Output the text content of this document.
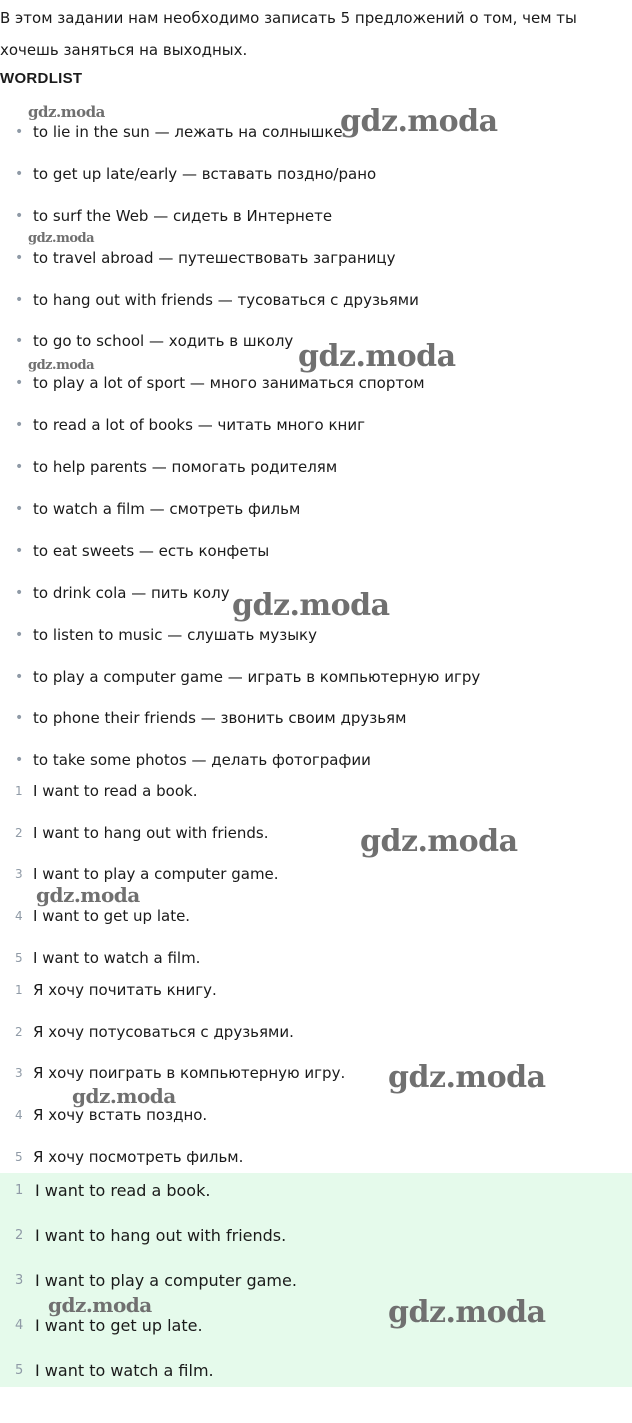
В этом задании нам необходимо записать 5 предложений о том, чем ты хочешь заняться на выходных.
WORDLIST
• to lie in the sun — лежать на солнышке
• to get up late/early — вставать поздно/рано
• to surf the Web — сидеть в Интернете
• to travel abroad — путешествовать заграницу
• to hang out with friends — тусоваться с друзьями
• to go to school — ходить в школу
• to play a lot of sport — много заниматься спортом
• to read a lot of books — читать много книг
• to help parents — помогать родителям
• to watch a film — смотреть фильм
• to eat sweets — есть конфеты
• to drink cola — пить колу
• to listen to music — слушать музыку
• to play a computer game — играть в компьютерную игру
• to phone their friends — звонить своим друзьям
• to take some photos — делать фотографии
1 I want to read a book.
2 I want to hang out with friends.
3 I want to play a computer game.
4 I want to get up late.
5 I want to watch a film.
1 Я хочу почитать книгу.
2 Я хочу потусоваться с друзьями.
3 Я хочу поиграть в компьютерную игру.
4 Я хочу встать поздно.
5 Я хочу посмотреть фильм.
1 I want to read a book.
2 I want to hang out with friends.
3 I want to play a computer game.
4 I want to get up late.
5 I want to watch a film.
gdz.moda	gdz.moda
gdz.moda
gdz.moda	gdz.moda
gdz.moda
gdz.moda
gdz.moda
gdz.moda
gdz.moda
gdz.moda	gdz.moda
